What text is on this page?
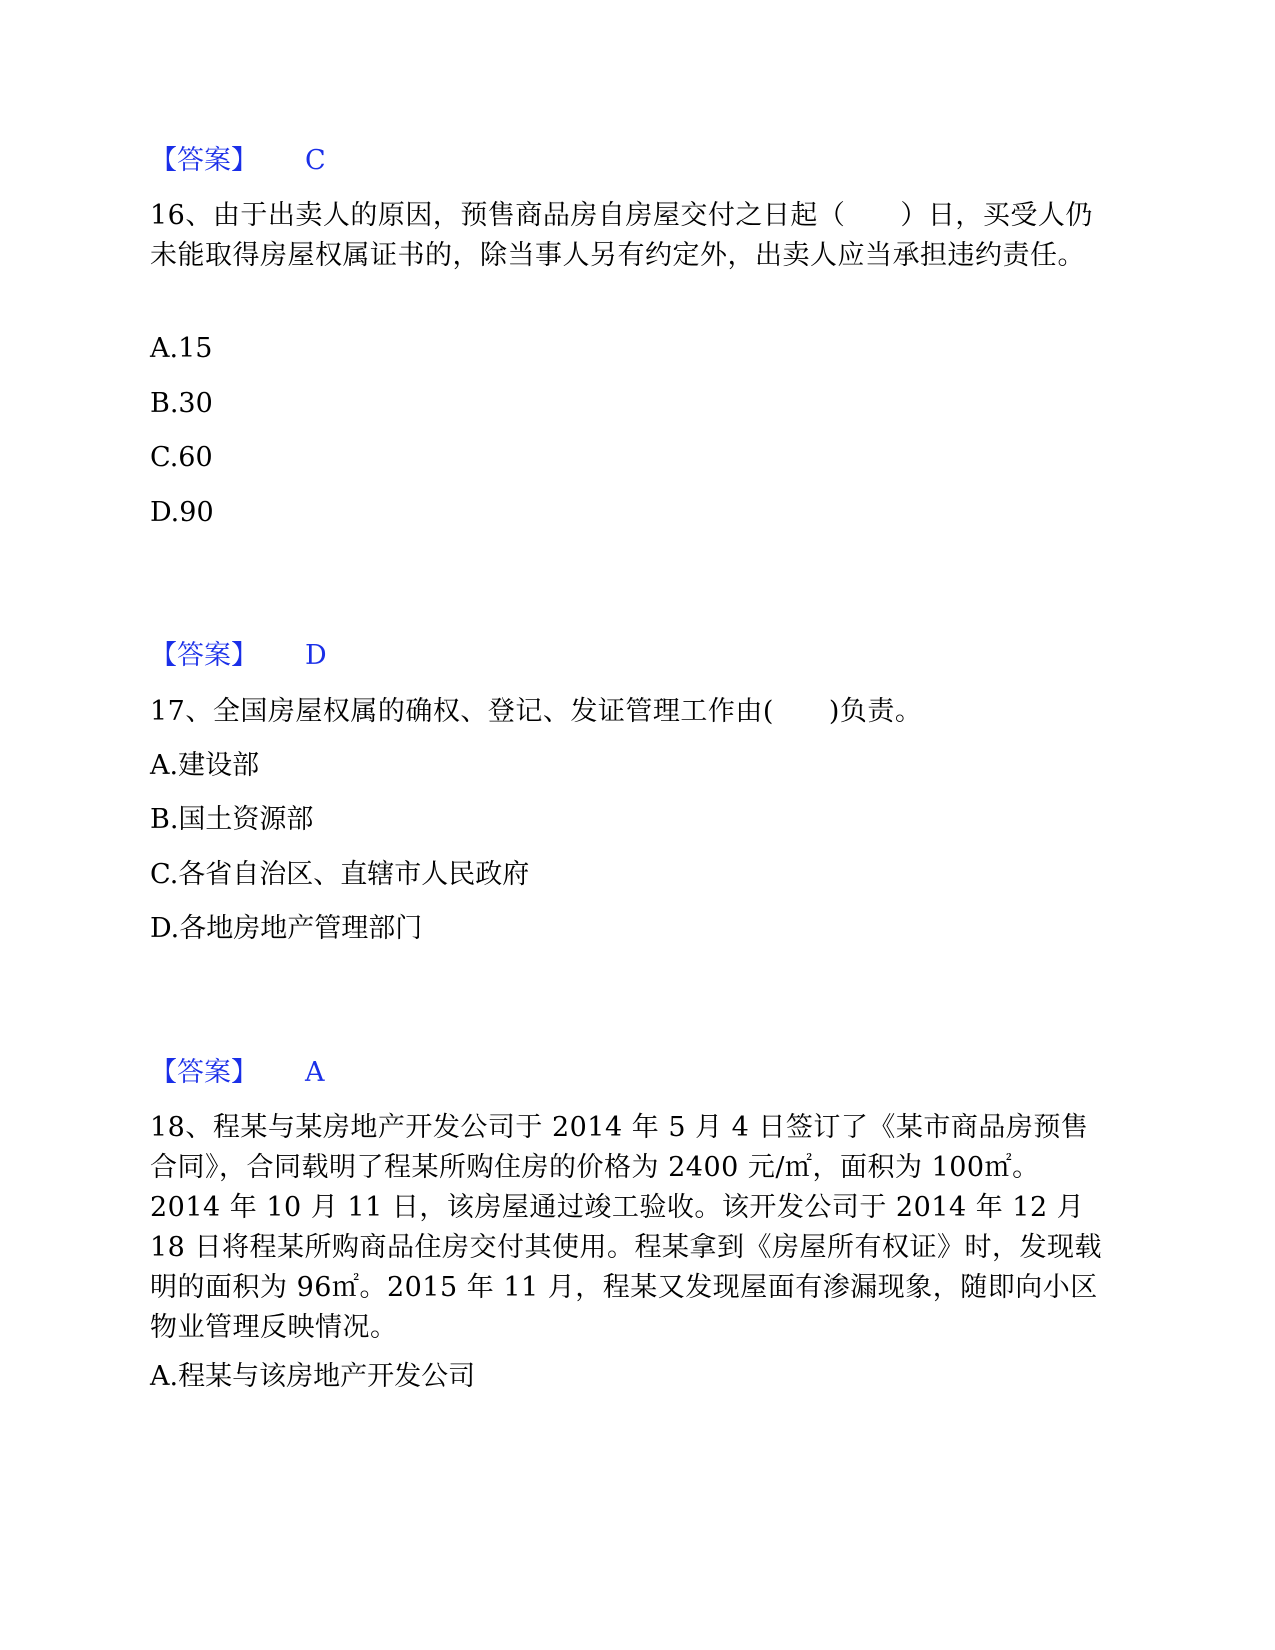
【答案】 C
16、由于出卖人的原因，预售商品房自房屋交付之日起（　　）日，买受人仍未能取得房屋权属证书的，除当事人另有约定外，出卖人应当承担违约责任。
A.15
B.30
C.60
D.90
【答案】 D
17、全国房屋权属的确权、登记、发证管理工作由(　　)负责。
A.建设部
B.国土资源部
C.各省自治区、直辖市人民政府
D.各地房地产管理部门
【答案】 A
18、程某与某房地产开发公司于 2014 年 5 月 4 日签订了《某市商品房预售合同》，合同载明了程某所购住房的价格为 2400 元/㎡，面积为 100㎡。2014 年 10 月 11 日，该房屋通过竣工验收。该开发公司于 2014 年 12 月 18 日将程某所购商品住房交付其使用。程某拿到《房屋所有权证》时，发现载明的面积为 96㎡。2015 年 11 月，程某又发现屋面有渗漏现象，随即向小区物业管理反映情况。
A.程某与该房地产开发公司
